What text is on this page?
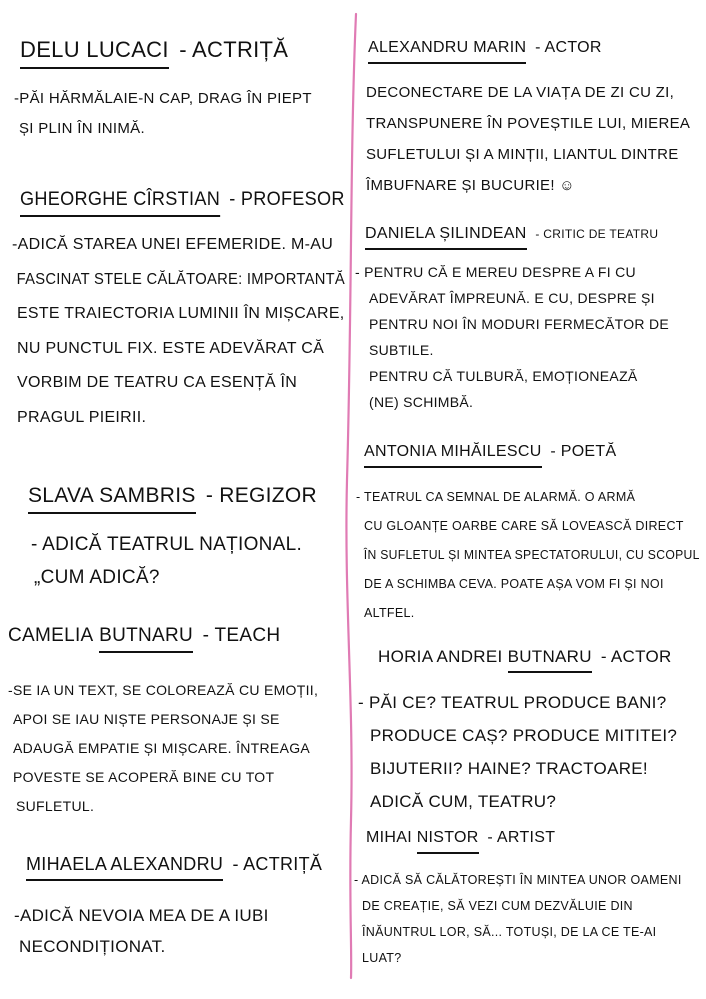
DELU LUCACI - ACTRIȚĂ
-PĂI HĂRMĂLAIE-N CAP, DRAG ÎN PIEPT
ȘI PLIN ÎN INIMĂ.
GHEORGHE CÎRSTIAN - PROFESOR
-ADICĂ STAREA UNEI EFEMERIDE. M-AU
FASCINAT STELE CĂLĂTOARE: IMPORTANTĂ
ESTE TRAIECTORIA LUMINII ÎN MIȘCARE,
NU PUNCTUL FIX. ESTE ADEVĂRAT CĂ
VORBIM DE TEATRU CA ESENȚĂ ÎN
PRAGUL PIEIRII.
SLAVA SAMBRIS - REGIZOR
- ADICĂ TEATRUL NAȚIONAL.
„CUM ADICĂ?
CAMELIA BUTNARU - TEACH
-SE IA UN TEXT, SE COLOREAZĂ CU EMOȚII,
APOI SE IAU NIȘTE PERSONAJE ȘI SE
ADAUGĂ EMPATIE ȘI MIȘCARE. ÎNTREAGA
POVESTE SE ACOPERĂ BINE CU TOT
SUFLETUL.
MIHAELA ALEXANDRU - ACTRIȚĂ
-ADICĂ NEVOIA MEA DE A IUBI
NECONDIȚIONAT.
ALEXANDRU MARIN - ACTOR
DECONECTARE DE LA VIAȚA DE ZI CU ZI,
TRANSPUNERE ÎN POVEȘTILE LUI, MIEREA
SUFLETULUI ȘI A MINȚII, LIANTUL DINTRE
ÎMBUFNARE ȘI BUCURIE! ☺
DANIELA ȘILINDEAN - CRITIC DE TEATRU
- PENTRU CĂ E MEREU DESPRE A FI CU
ADEVĂRAT ÎMPREUNĂ. E CU, DESPRE ȘI
PENTRU NOI ÎN MODURI FERMECĂTOR DE
SUBTILE.
PENTRU CĂ TULBURĂ, EMOȚIONEAZĂ
(NE) SCHIMBĂ.
ANTONIA MIHĂILESCU - POETĂ
- TEATRUL CA SEMNAL DE ALARMĂ. O ARMĂ
CU GLOANȚE OARBE CARE SĂ LOVEASCĂ DIRECT
ÎN SUFLETUL ȘI MINTEA SPECTATORULUI, CU SCOPUL
DE A SCHIMBA CEVA. POATE AȘA VOM FI ȘI NOI
ALTFEL.
HORIA ANDREI BUTNARU - ACTOR
- PĂI CE? TEATRUL PRODUCE BANI?
PRODUCE CAȘ? PRODUCE MITITEI?
BIJUTERII? HAINE? TRACTOARE!
ADICĂ CUM, TEATRU?
MIHAI NISTOR - ARTIST
- ADICĂ SĂ CĂLĂTOREȘTI ÎN MINTEA UNOR OAMENI
DE CREAȚIE, SĂ VEZI CUM DEZVĂLUIE DIN
ÎNĂUNTRUL LOR, SĂ... TOTUȘI, DE LA CE TE-AI
LUAT?
